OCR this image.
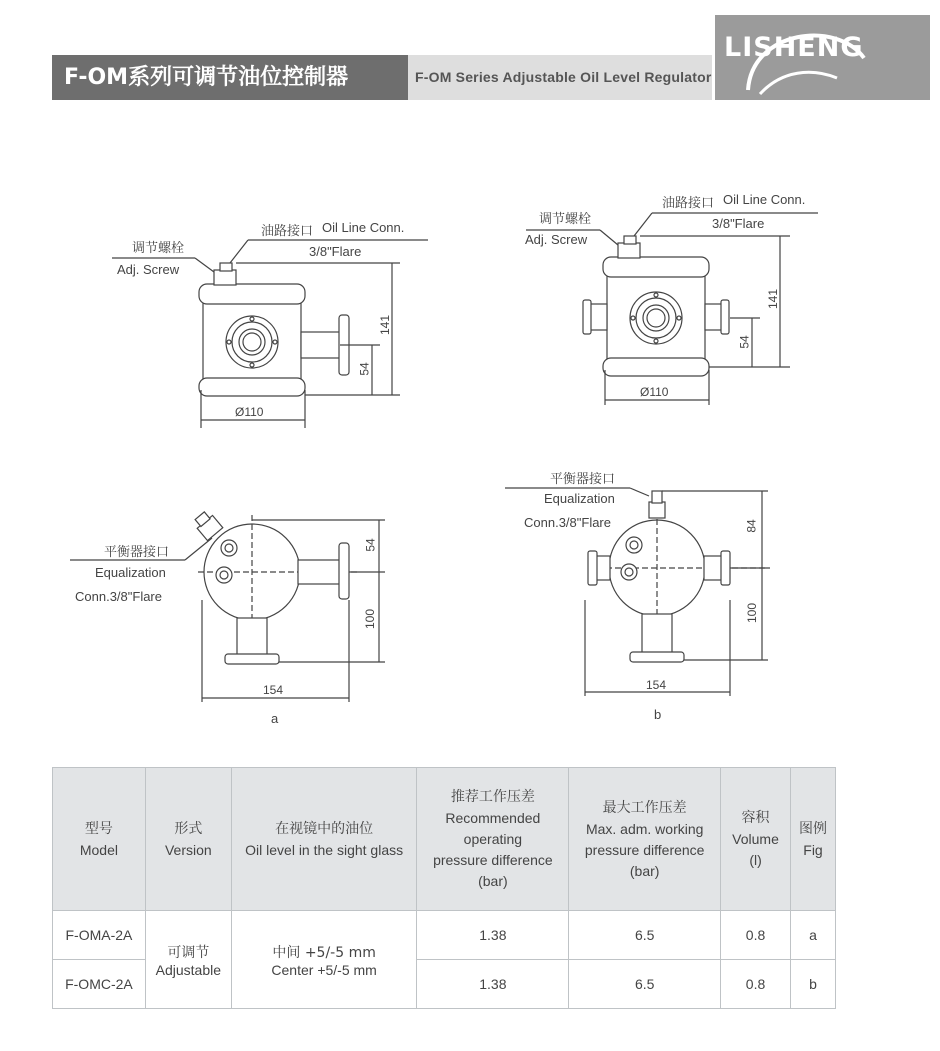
F-OM系列可调节油位控制器	F-OM Series Adjustable Oil Level Regulator
LISHENG
油路接口 Oil Line Conn.
3/8"Flare
调节螺栓
Adj. Screw
141
54
Ø110
油路接口 Oil Line Conn.
3/8"Flare
调节螺栓
Adj. Screw
141
54
Ø110
平衡器接口
Equalization
Conn.3/8"Flare
54
100
154
a
平衡器接口
Equalization
Conn.3/8"Flare	84
100
154
b
型号
Model	形式
Version	在视镜中的油位
Oil level in the sight glass	推荐工作压差
Recommended
operating
pressure difference
(bar)	最大工作压差
Max. adm. working
pressure difference
(bar)	容积
Volume
(l)	图例
Fig
F-OMA-2A	可调节
Adjustable	中间 +5/-5 mm
Center +5/-5 mm	1.38	6.5	0.8	a
F-OMC-2A			1.38	6.5	0.8	b
